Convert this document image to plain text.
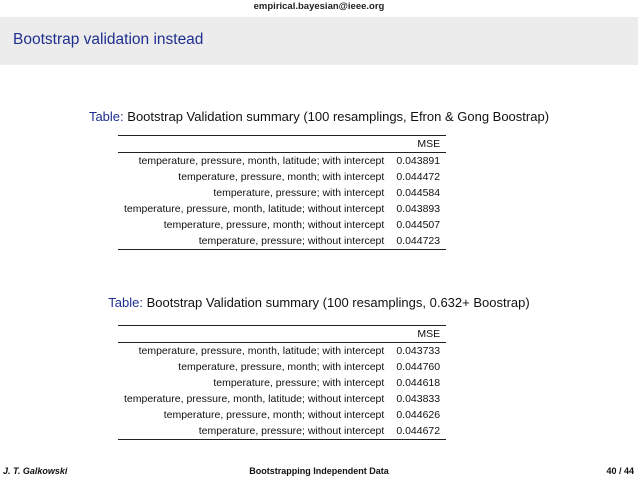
empirical.bayesian@ieee.org
Bootstrap validation instead
Table: Bootstrap Validation summary (100 resamplings, Efron & Gong Boostrap)
	MSE
temperature, pressure, month, latitude; with intercept	0.043891
temperature, pressure, month; with intercept	0.044472
temperature, pressure; with intercept	0.044584
temperature, pressure, month, latitude; without intercept	0.043893
temperature, pressure, month; without intercept	0.044507
temperature, pressure; without intercept	0.044723
Table: Bootstrap Validation summary (100 resamplings, 0.632+ Boostrap)
	MSE
temperature, pressure, month, latitude; with intercept	0.043733
temperature, pressure, month; with intercept	0.044760
temperature, pressure; with intercept	0.044618
temperature, pressure, month, latitude; without intercept	0.043833
temperature, pressure, month; without intercept	0.044626
temperature, pressure; without intercept	0.044672
J. T. Galkowski	Bootstrapping Independent Data	40 / 44
